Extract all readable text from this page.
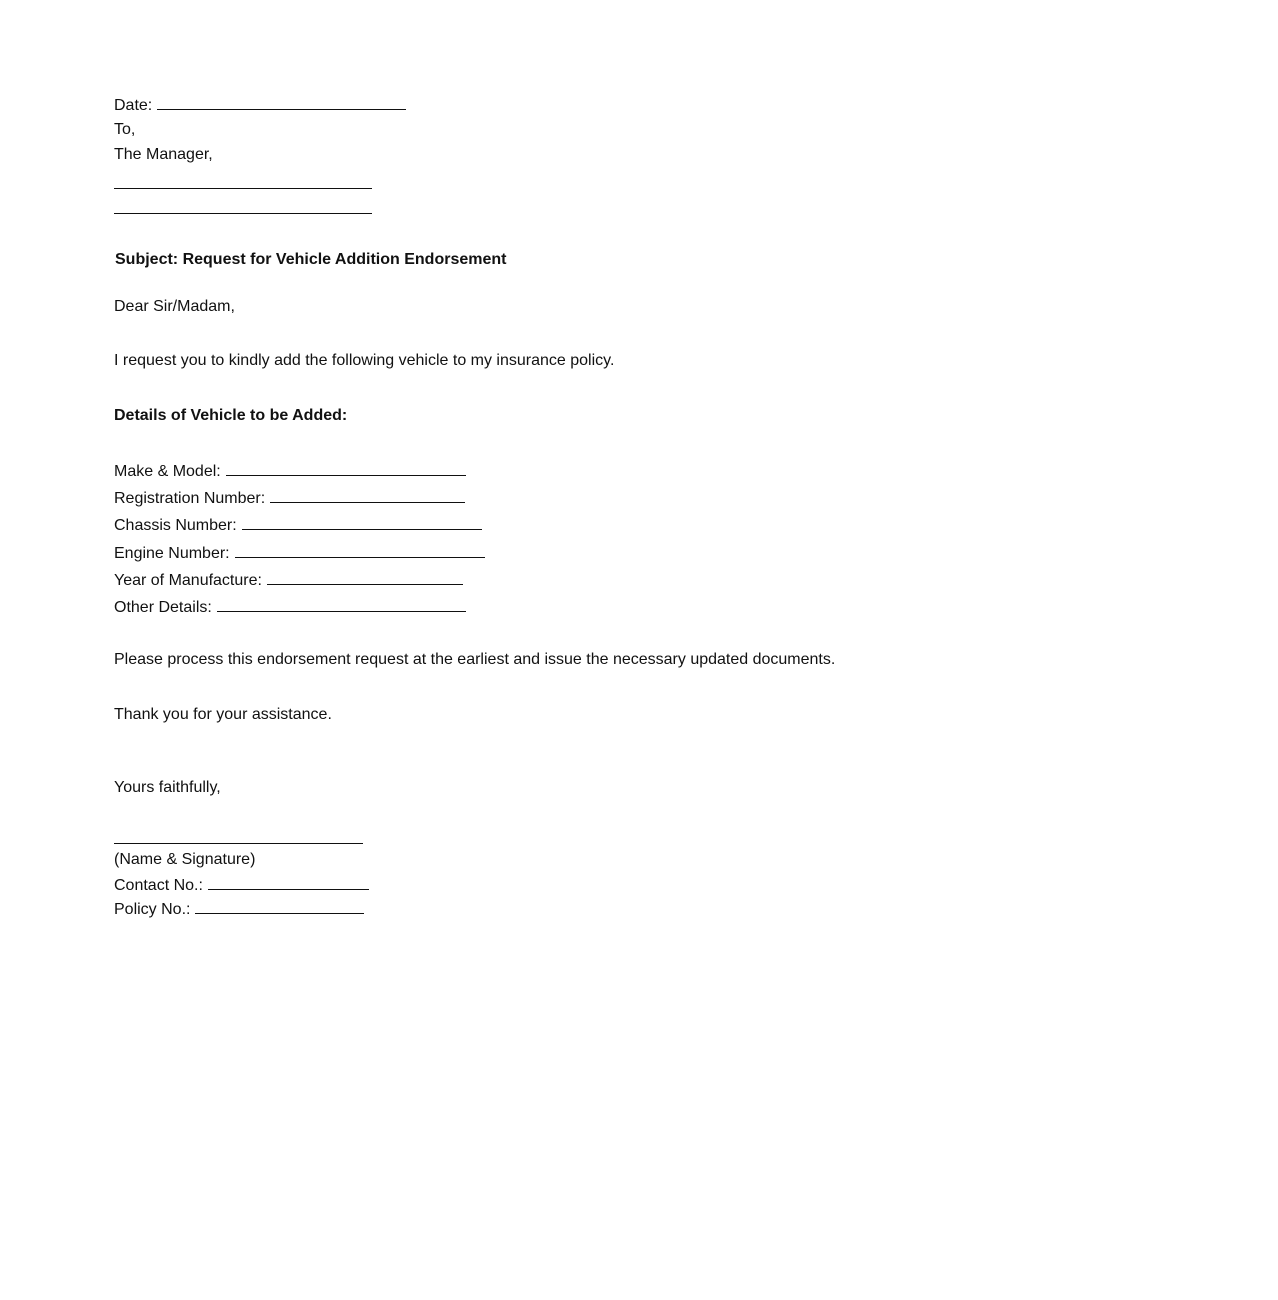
Date:
To,
The Manager,
Subject: Request for Vehicle Addition Endorsement
Dear Sir/Madam,
I request you to kindly add the following vehicle to my insurance policy.
Details of Vehicle to be Added:
Make & Model:
Registration Number:
Chassis Number:
Engine Number:
Year of Manufacture:
Other Details:
Please process this endorsement request at the earliest and issue the necessary updated documents.
Thank you for your assistance.
Yours faithfully,
(Name & Signature)
Contact No.:
Policy No.:
